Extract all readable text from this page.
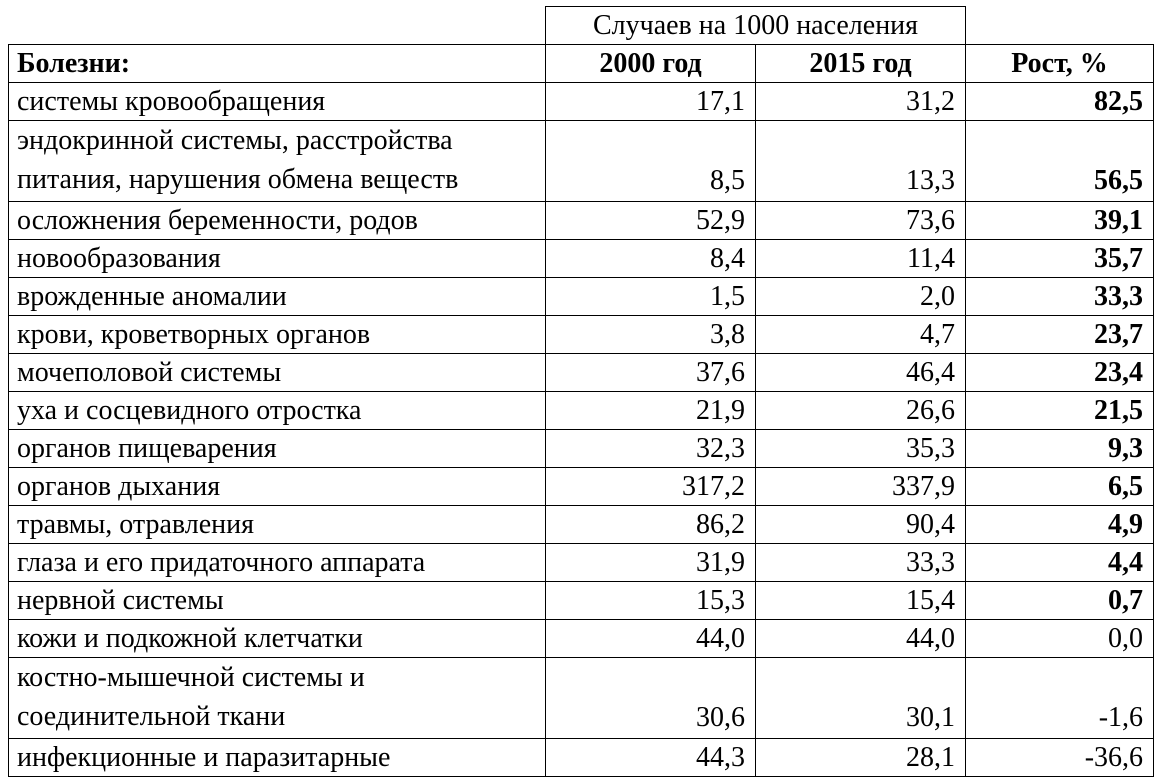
	Случаев на 1000 населения		
Болезни:	2000 год	2015 год	Рост, %
системы кровообращения	17,1	31,2	82,5
эндокринной системы, расстройства питания, нарушения обмена веществ	8,5	13,3	56,5
осложнения беременности, родов	52,9	73,6	39,1
новообразования	8,4	11,4	35,7
врожденные аномалии	1,5	2,0	33,3
крови, кроветворных органов	3,8	4,7	23,7
мочеполовой системы	37,6	46,4	23,4
уха и сосцевидного отростка	21,9	26,6	21,5
органов пищеварения	32,3	35,3	9,3
органов дыхания	317,2	337,9	6,5
травмы, отравления	86,2	90,4	4,9
глаза и его придаточного аппарата	31,9	33,3	4,4
нервной системы	15,3	15,4	0,7
кожи и подкожной клетчатки	44,0	44,0	0,0
костно-мышечной системы и соединительной ткани	30,6	30,1	-1,6
инфекционные и паразитарные	44,3	28,1	-36,6
